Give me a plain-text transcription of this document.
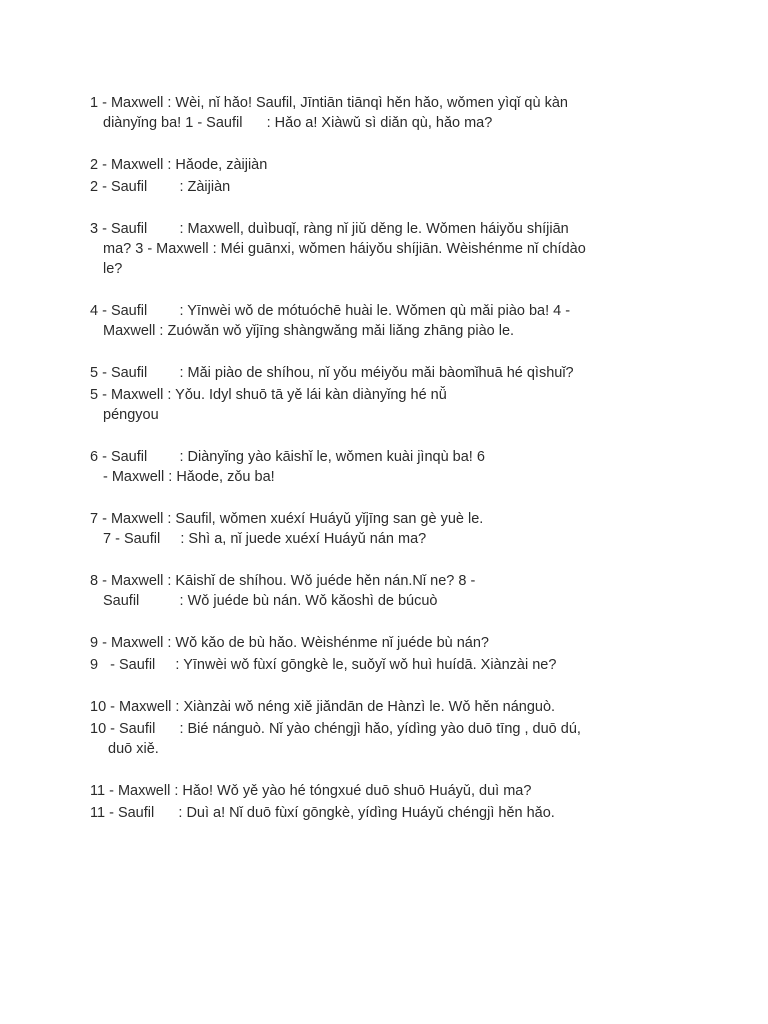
1 - Maxwell : Wèi, nǐ hǎo! Saufil, Jīntiān tiānqì hěn hǎo, wǒmen yìqǐ qù kàn

diànyǐng ba! 1 - Saufil      : Hǎo a! Xiàwǔ sì diǎn qù, hǎo ma?

2 - Maxwell : Hǎode, zàijiàn

2 - Saufil        : Zàijiàn

3 - Saufil        : Maxwell, duìbuqǐ, ràng nǐ jiǔ děng le. Wǒmen háiyǒu shíjiān

ma? 3 - Maxwell : Méi guānxi, wǒmen háiyǒu shíjiān. Wèishénme nǐ chídào

le?

4 - Saufil        : Yīnwèi wǒ de mótuóchē huài le. Wǒmen qù mǎi piào ba! 4 -

Maxwell : Zuówǎn wǒ yǐjīng shàngwǎng mǎi liǎng zhāng piào le.

5 - Saufil        : Mǎi piào de shíhou, nǐ yǒu méiyǒu mǎi bàomǐhuā hé qìshuǐ?

5 - Maxwell : Yǒu. Idyl shuō tā yě lái kàn diànyǐng hé nǚ

péngyou

6 - Saufil        : Diànyǐng yào kāishǐ le, wǒmen kuài jìnqù ba! 6

- Maxwell : Hǎode, zǒu ba!

7 - Maxwell : Saufil, wǒmen xuéxí Huáyǔ yǐjīng san gè yuè le.

7 - Saufil     : Shì a, nǐ juede xuéxí Huáyǔ nán ma?

8 - Maxwell : Kāishǐ de shíhou. Wǒ juéde hěn nán.Nǐ ne? 8 -

Saufil          : Wǒ juéde bù nán. Wǒ kǎoshì de búcuò

9 - Maxwell : Wǒ kǎo de bù hǎo. Wèishénme nǐ juéde bù nán?

9   - Saufil     : Yīnwèi wǒ fùxí gōngkè le, suǒyǐ wǒ huì huídā. Xiànzài ne?

10 - Maxwell : Xiànzài wǒ néng xiě jiǎndān de Hànzì le. Wǒ hěn nánguò.

10 - Saufil      : Bié nánguò. Nǐ yào chéngjì hǎo, yídìng yào duō tīng , duō dú,

duō xiě.

11 - Maxwell : Hǎo! Wǒ yě yào hé tóngxué duō shuō Huáyǔ, duì ma?

11 - Saufil      : Duì a! Nǐ duō fùxí gōngkè, yídìng Huáyǔ chéngjì hěn hǎo.
